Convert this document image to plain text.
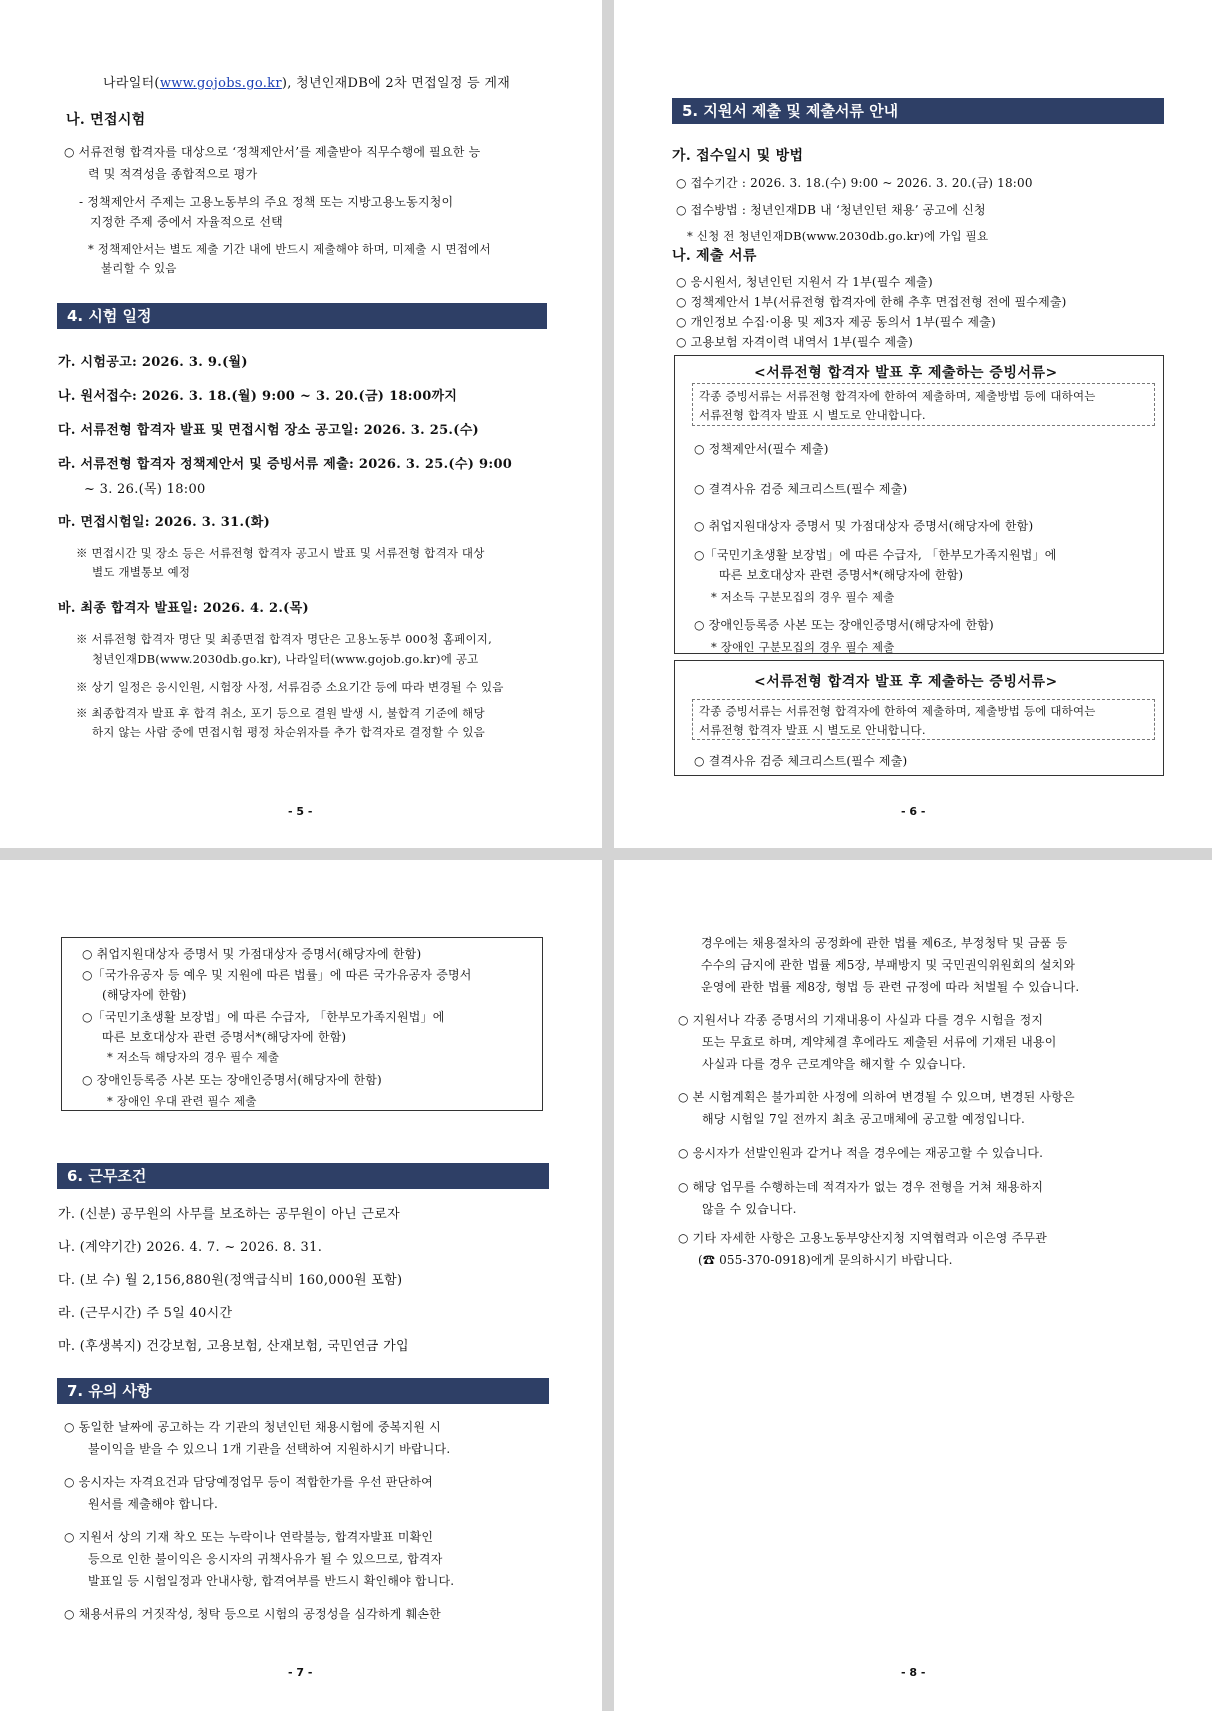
나라일터(www.gojobs.go.kr), 청년인재DB에 2차 면접일정 등 게재
나. 면접시험
○ 서류전형 합격자를 대상으로 ‘정책제안서’를 제출받아 직무수행에 필요한 능
력 및 적격성을 종합적으로 평가
- 정책제안서 주제는 고용노동부의 주요 정책 또는 지방고용노동지청이
지정한 주제 중에서 자율적으로 선택
* 정책제안서는 별도 제출 기간 내에 반드시 제출해야 하며, 미제출 시 면접에서
불리할 수 있음
4. 시험 일정
가. 시험공고: 2026. 3. 9.(월)
나. 원서접수: 2026. 3. 18.(월) 9:00 ~ 3. 20.(금) 18:00까지
다. 서류전형 합격자 발표 및 면접시험 장소 공고일: 2026. 3. 25.(수)
라. 서류전형 합격자 정책제안서 및 증빙서류 제출: 2026. 3. 25.(수) 9:00
~ 3. 26.(목) 18:00
마. 면접시험일: 2026. 3. 31.(화)
※ 면접시간 및 장소 등은 서류전형 합격자 공고시 발표 및 서류전형 합격자 대상
별도 개별통보 예정
바. 최종 합격자 발표일: 2026. 4. 2.(목)
※ 서류전형 합격자 명단 및 최종면접 합격자 명단은 고용노동부 000청 홈페이지,
청년인재DB(www.2030db.go.kr), 나라일터(www.gojob.go.kr)에 공고
※ 상기 일정은 응시인원, 시험장 사정, 서류검증 소요기간 등에 따라 변경될 수 있음
※ 최종합격자 발표 후 합격 취소, 포기 등으로 결원 발생 시, 불합격 기준에 해당
하지 않는 사람 중에 면접시험 평정 차순위자를 추가 합격자로 결정할 수 있음
- 5 -
5. 지원서 제출 및 제출서류 안내
가. 접수일시 및 방법
○ 접수기간 : 2026. 3. 18.(수) 9:00 ~ 2026. 3. 20.(금) 18:00
○ 접수방법 : 청년인재DB 내 ‘청년인턴 채용’ 공고에 신청
* 신청 전 청년인재DB(www.2030db.go.kr)에 가입 필요
나. 제출 서류
○ 응시원서, 청년인턴 지원서 각 1부(필수 제출)
○ 정책제안서 1부(서류전형 합격자에 한해 추후 면접전형 전에 필수제출)
○ 개인정보 수집·이용 및 제3자 제공 동의서 1부(필수 제출)
○ 고용보험 자격이력 내역서 1부(필수 제출)
<서류전형 합격자 발표 후 제출하는 증빙서류>
각종 증빙서류는 서류전형 합격자에 한하여 제출하며, 제출방법 등에 대하여는
서류전형 합격자 발표 시 별도로 안내합니다.
○ 정책제안서(필수 제출)
○ 결격사유 검증 체크리스트(필수 제출)
○ 취업지원대상자 증명서 및 가점대상자 증명서(해당자에 한함)
○「국민기초생활 보장법」에 따른 수급자, 「한부모가족지원법」에
따른 보호대상자 관련 증명서*(해당자에 한함)
* 저소득 구분모집의 경우 필수 제출
○ 장애인등록증 사본 또는 장애인증명서(해당자에 한함)
* 장애인 구분모집의 경우 필수 제출
<서류전형 합격자 발표 후 제출하는 증빙서류>
각종 증빙서류는 서류전형 합격자에 한하여 제출하며, 제출방법 등에 대하여는
서류전형 합격자 발표 시 별도로 안내합니다.
○ 결격사유 검증 체크리스트(필수 제출)
- 6 -
○ 취업지원대상자 증명서 및 가점대상자 증명서(해당자에 한함)
○「국가유공자 등 예우 및 지원에 따른 법률」에 따른 국가유공자 증명서
(해당자에 한함)
○「국민기초생활 보장법」에 따른 수급자, 「한부모가족지원법」에
따른 보호대상자 관련 증명서*(해당자에 한함)
* 저소득 해당자의 경우 필수 제출
○ 장애인등록증 사본 또는 장애인증명서(해당자에 한함)
* 장애인 우대 관련 필수 제출
6. 근무조건
가. (신분) 공무원의 사무를 보조하는 공무원이 아닌 근로자
나. (계약기간) 2026. 4. 7. ~ 2026. 8. 31.
다. (보 수) 월 2,156,880원(정액급식비 160,000원 포함)
라. (근무시간) 주 5일 40시간
마. (후생복지) 건강보험, 고용보험, 산재보험, 국민연금 가입
7. 유의 사항
○ 동일한 날짜에 공고하는 각 기관의 청년인턴 채용시험에 중복지원 시
불이익을 받을 수 있으니 1개 기관을 선택하여 지원하시기 바랍니다.
○ 응시자는 자격요건과 담당예정업무 등이 적합한가를 우선 판단하여
원서를 제출해야 합니다.
○ 지원서 상의 기재 착오 또는 누락이나 연락불능, 합격자발표 미확인
등으로 인한 불이익은 응시자의 귀책사유가 될 수 있으므로, 합격자
발표일 등 시험일정과 안내사항, 합격여부를 반드시 확인해야 합니다.
○ 채용서류의 거짓작성, 청탁 등으로 시험의 공정성을 심각하게 훼손한
- 7 -
경우에는 채용절차의 공정화에 관한 법률 제6조, 부정청탁 및 금품 등
수수의 금지에 관한 법률 제5장, 부패방지 및 국민권익위원회의 설치와
운영에 관한 법률 제8장, 형법 등 관련 규정에 따라 처벌될 수 있습니다.
○ 지원서나 각종 증명서의 기재내용이 사실과 다를 경우 시험을 정지
또는 무효로 하며, 계약체결 후에라도 제출된 서류에 기재된 내용이
사실과 다를 경우 근로계약을 해지할 수 있습니다.
○ 본 시험계획은 불가피한 사정에 의하여 변경될 수 있으며, 변경된 사항은
해당 시험일 7일 전까지 최초 공고매체에 공고할 예정입니다.
○ 응시자가 선발인원과 같거나 적을 경우에는 재공고할 수 있습니다.
○ 해당 업무를 수행하는데 적격자가 없는 경우 전형을 거쳐 채용하지
않을 수 있습니다.
○ 기타 자세한 사항은 고용노동부양산지청 지역협력과 이은영 주무관
(☎ 055-370-0918)에게 문의하시기 바랍니다.
- 8 -
